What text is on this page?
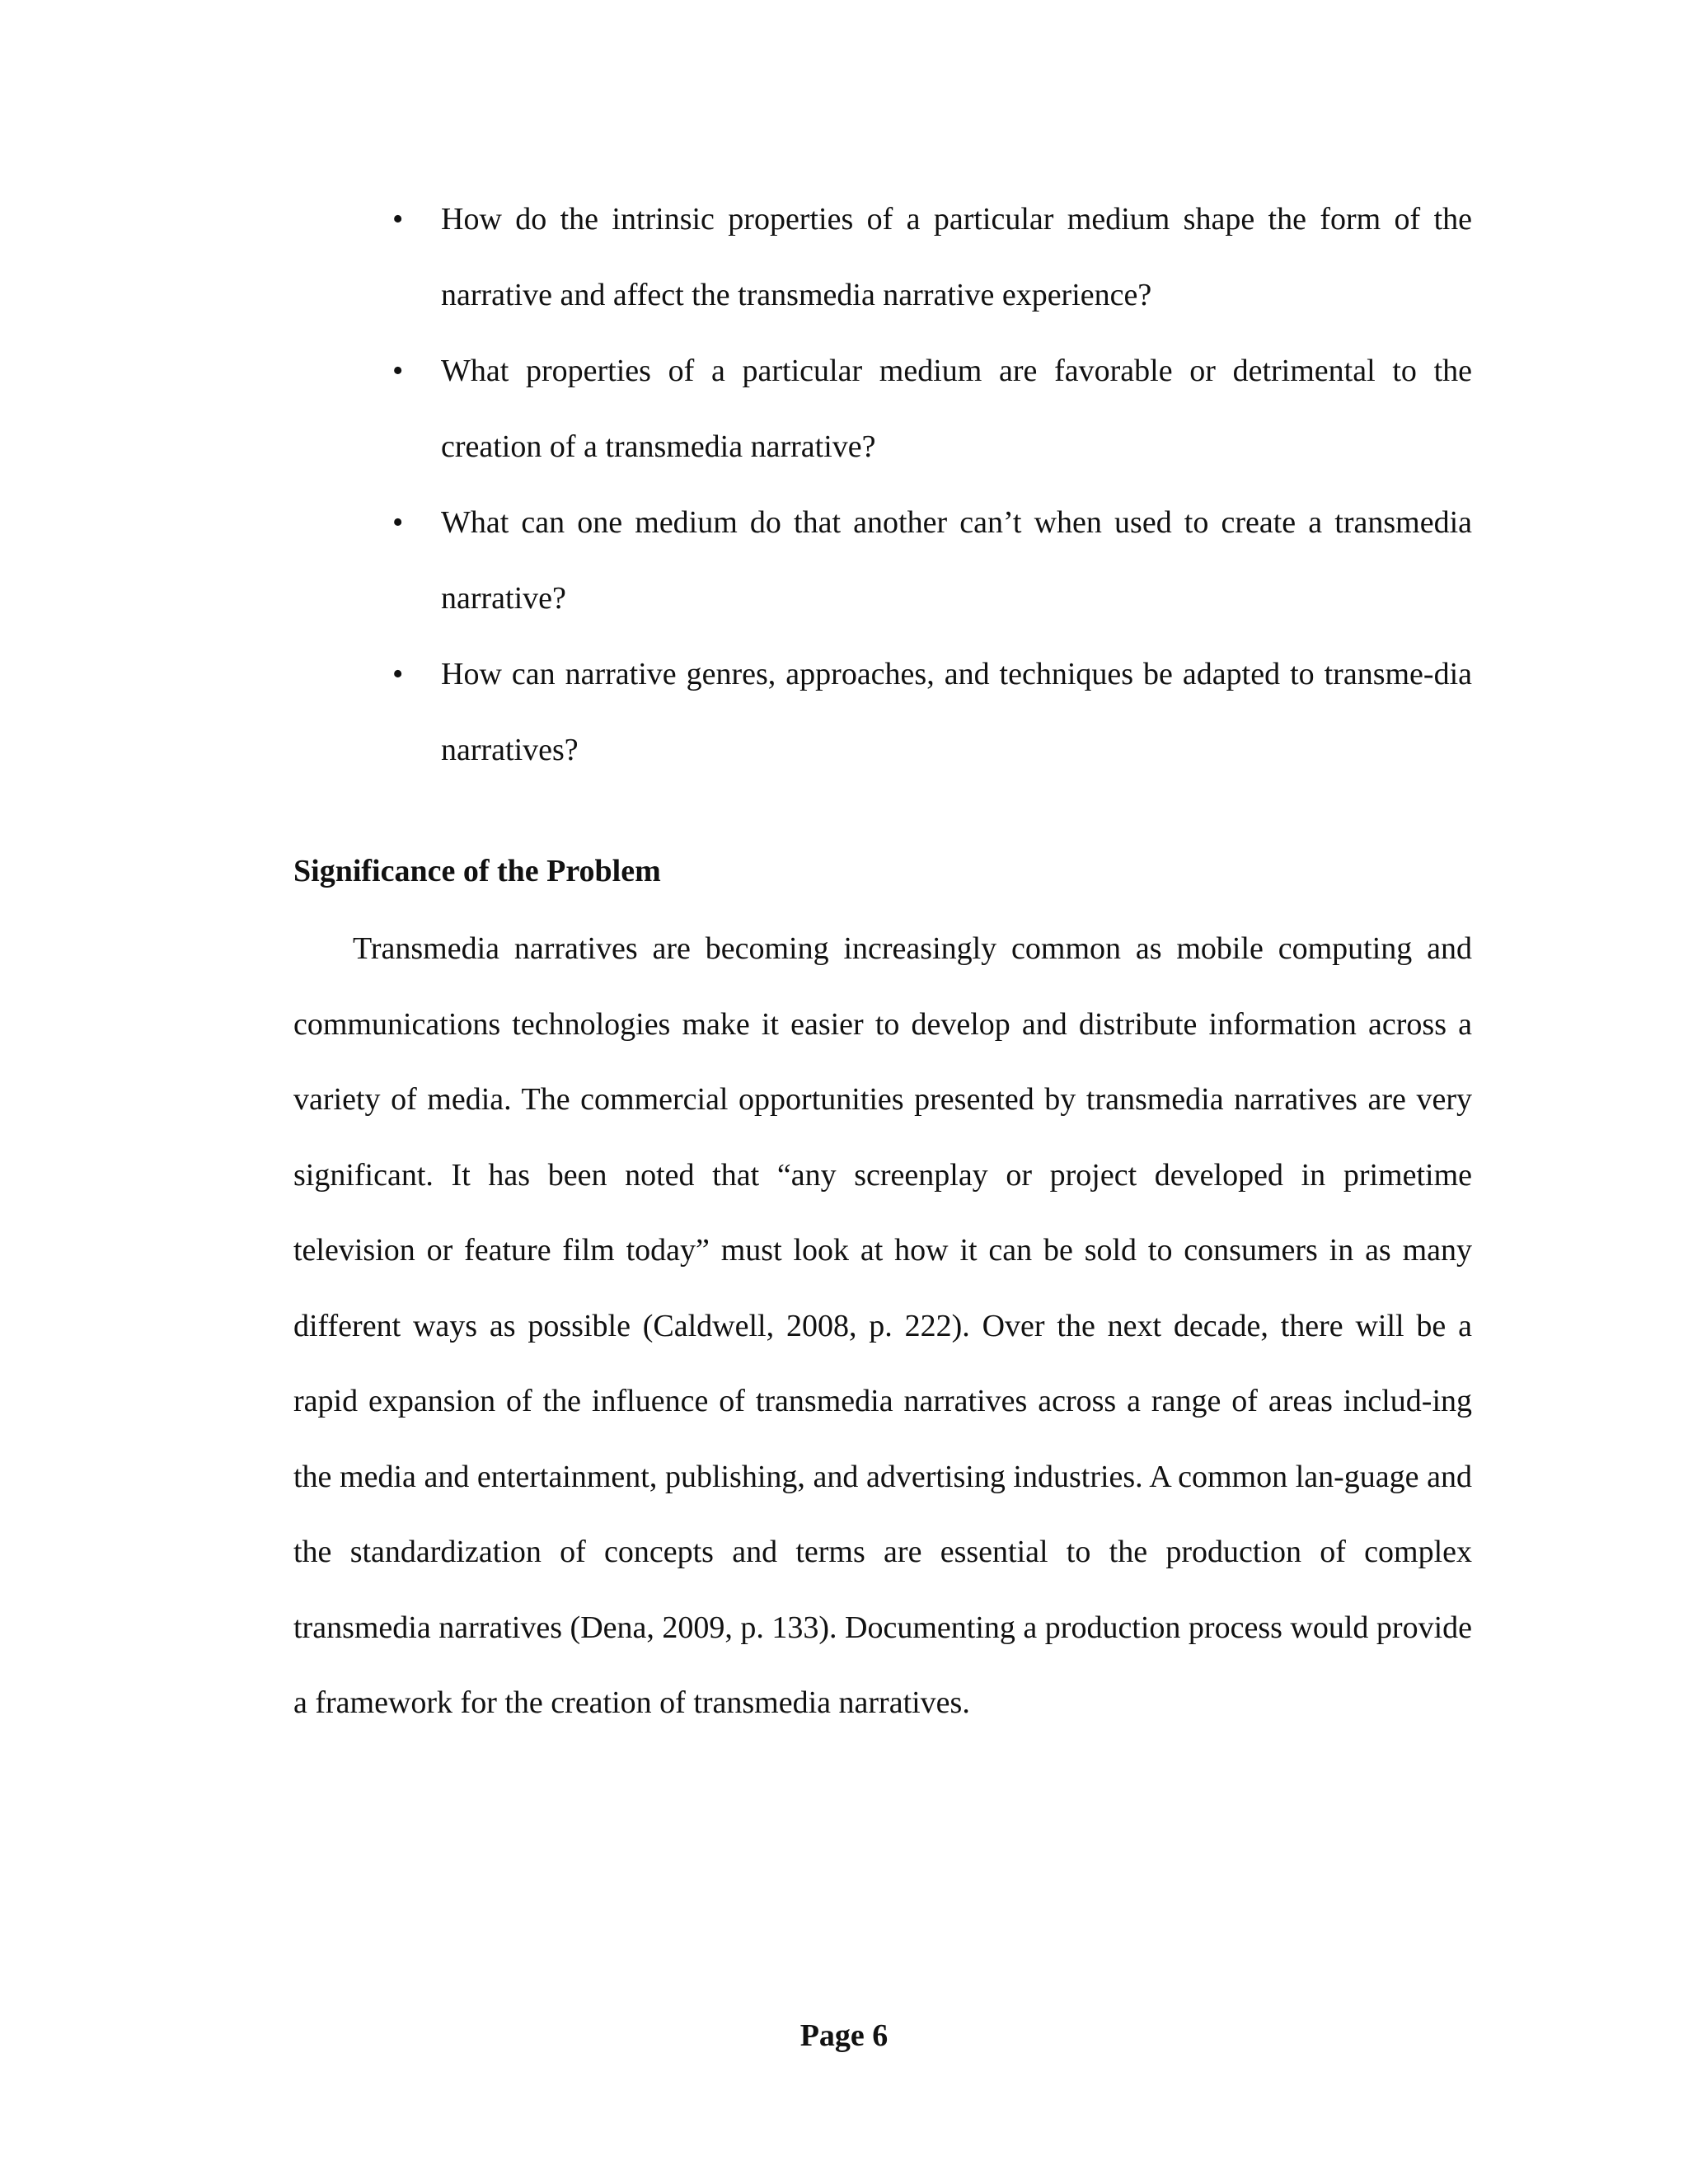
• How do the intrinsic properties of a particular medium shape the form of the narrative and affect the transmedia narrative experience?
• What properties of a particular medium are favorable or detrimental to the creation of a transmedia narrative?
• What can one medium do that another can’t when used to create a transmedia narrative?
• How can narrative genres, approaches, and techniques be adapted to transme-dia narratives?
Significance of the Problem

Transmedia narratives are becoming increasingly common as mobile computing and communications technologies make it easier to develop and distribute information across a variety of media. The commercial opportunities presented by transmedia narratives are very significant. It has been noted that “any screenplay or project developed in primetime television or feature film today” must look at how it can be sold to consumers in as many different ways as possible (Caldwell, 2008, p. 222). Over the next decade, there will be a rapid expansion of the influence of transmedia narratives across a range of areas includ-ing the media and entertainment, publishing, and advertising industries. A common lan-guage and the standardization of concepts and terms are essential to the production of complex transmedia narratives (Dena, 2009, p. 133). Documenting a production process would provide a framework for the creation of transmedia narratives.

Page 6
